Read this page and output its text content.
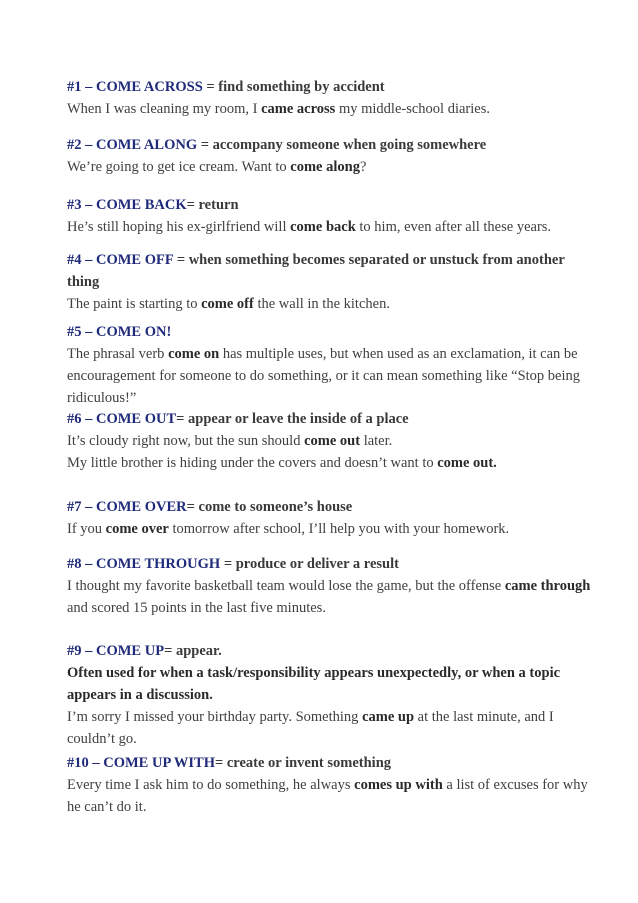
#1 – COME ACROSS = find something by accident
When I was cleaning my room, I came across my middle-school diaries.
#2 – COME ALONG = accompany someone when going somewhere
We’re going to get ice cream. Want to come along?
#3 – COME BACK= return
He’s still hoping his ex-girlfriend will come back to him, even after all these years.
#4 – COME OFF = when something becomes separated or unstuck from another thing
The paint is starting to come off the wall in the kitchen.
#5 – COME ON!
The phrasal verb come on has multiple uses, but when used as an exclamation, it can be encouragement for someone to do something, or it can mean something like “Stop being ridiculous!”
#6 – COME OUT= appear or leave the inside of a place
It’s cloudy right now, but the sun should come out later.
My little brother is hiding under the covers and doesn’t want to come out.
#7 – COME OVER= come to someone’s house
If you come over tomorrow after school, I’ll help you with your homework.
#8 – COME THROUGH = produce or deliver a result
I thought my favorite basketball team would lose the game, but the offense came through and scored 15 points in the last five minutes.
#9 – COME UP= appear.
Often used for when a task/responsibility appears unexpectedly, or when a topic appears in a discussion.
I’m sorry I missed your birthday party. Something came up at the last minute, and I couldn’t go.
#10 – COME UP WITH= create or invent something
Every time I ask him to do something, he always comes up with a list of excuses for why he can’t do it.
